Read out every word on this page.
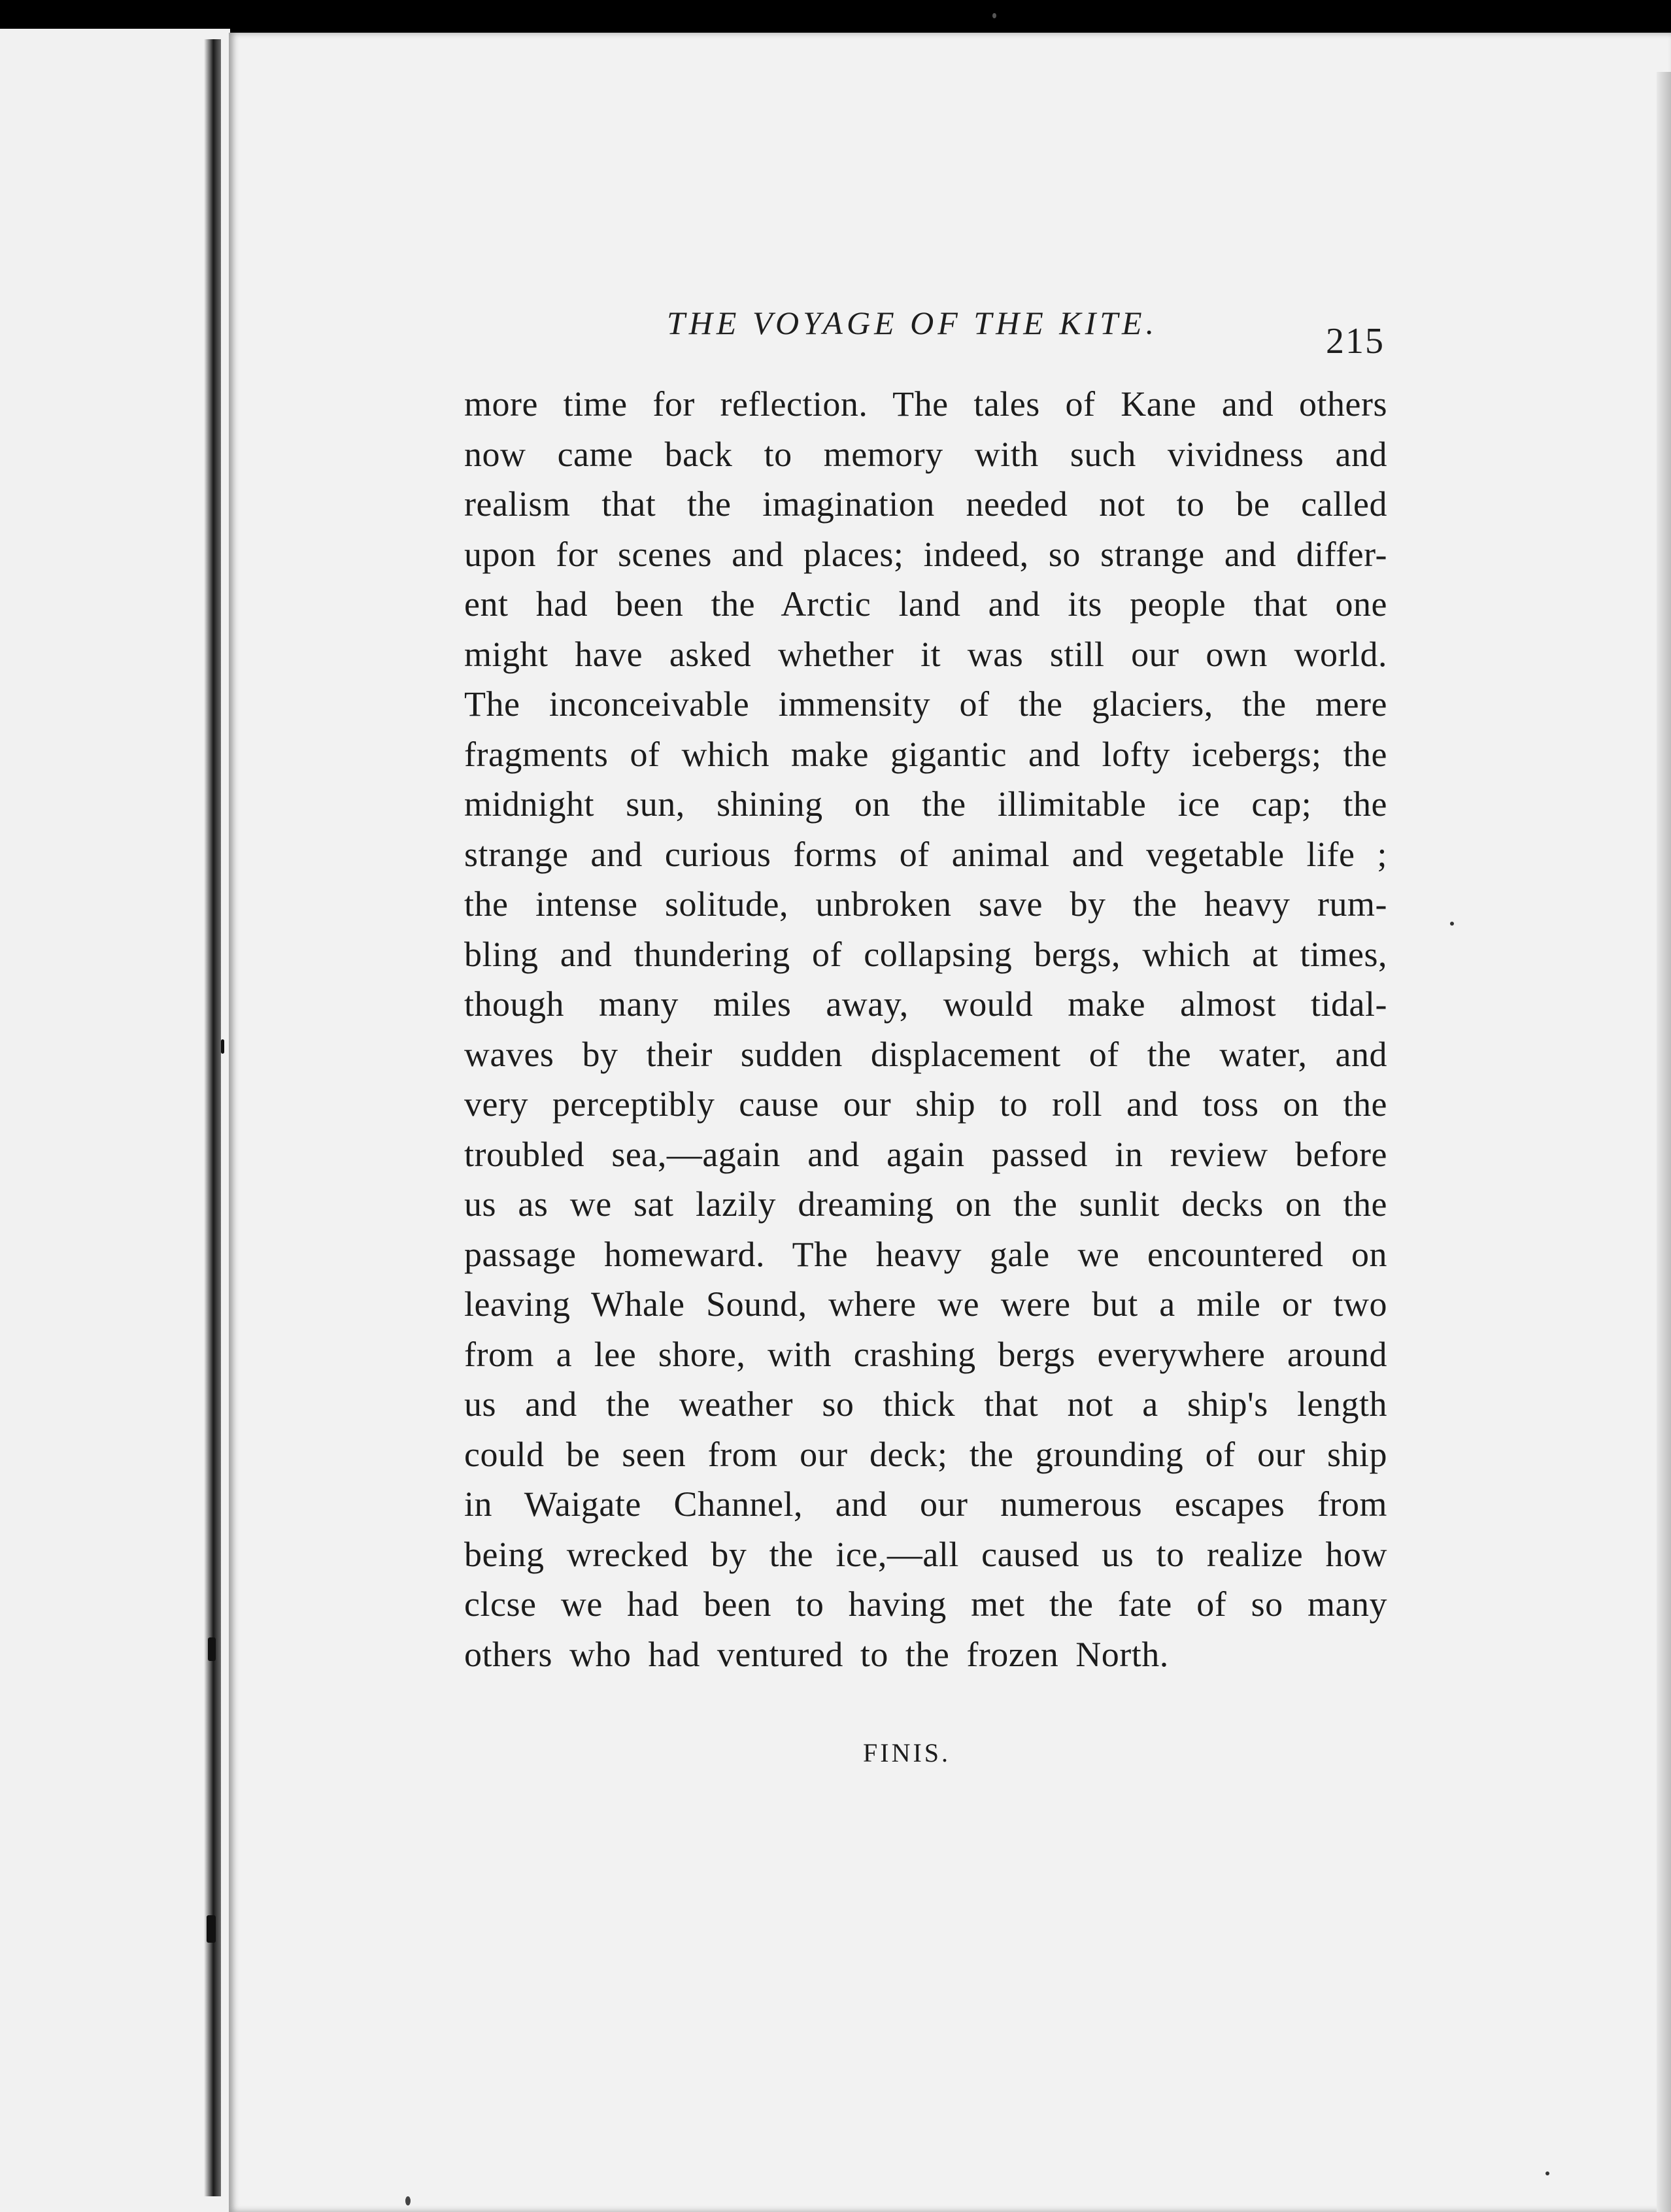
THE VOYAGE OF THE KITE.	215
more time for reflection. The tales of Kane and others
now came back to memory with such vividness and
realism that the imagination needed not to be called
upon for scenes and places; indeed, so strange and differ-
ent had been the Arctic land and its people that one
might have asked whether it was still our own world.
The inconceivable immensity of the glaciers, the mere
fragments of which make gigantic and lofty icebergs; the
midnight sun, shining on the illimitable ice cap; the
strange and curious forms of animal and vegetable life ;
the intense solitude, unbroken save by the heavy rum-
bling and thundering of collapsing bergs, which at times,
though many miles away, would make almost tidal-
waves by their sudden displacement of the water, and
very perceptibly cause our ship to roll and toss on the
troubled sea,—again and again passed in review before
us as we sat lazily dreaming on the sunlit decks on the
passage homeward. The heavy gale we encountered on
leaving Whale Sound, where we were but a mile or two
from a lee shore, with crashing bergs everywhere around
us and the weather so thick that not a ship's length
could be seen from our deck; the grounding of our ship
in Waigate Channel, and our numerous escapes from
being wrecked by the ice,—all caused us to realize how
clcse we had been to having met the fate of so many
others who had ventured to the frozen North.
FINIS.
